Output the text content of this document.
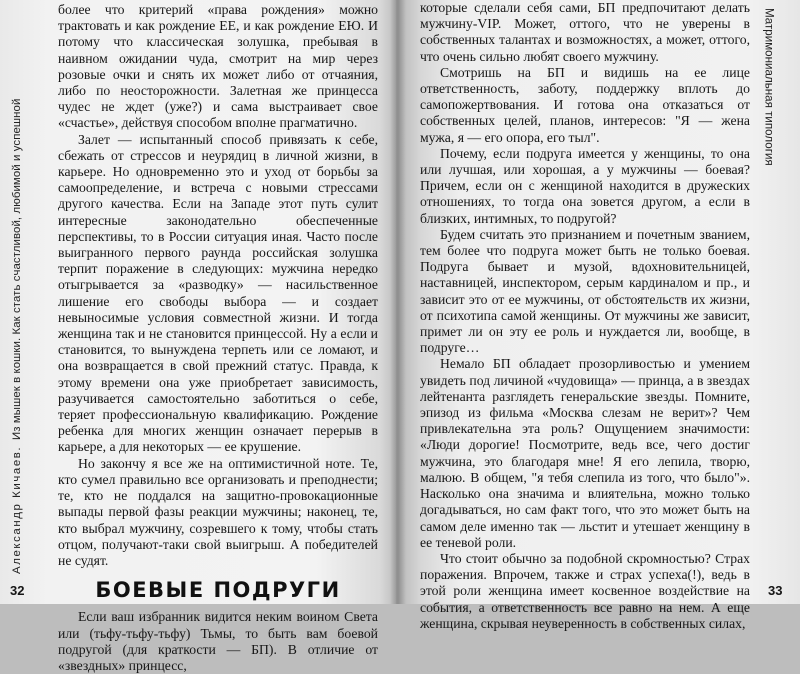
Александр Кичаев.
Из мышек в кошки. Как стать счастливой, любимой и успешной

более что критерий «права рождения» можно трактовать и как рождение ЕЕ, и как рождение ЕЮ. И потому что классическая золушка, пребывая в наивном ожидании чуда, смотрит на мир через розовые очки и снять их может либо от отчаяния, либо по неосторожности. Залетная же принцесса чудес не ждет (уже?) и сама выстраивает свое «счастье», действуя способом вполне прагматично.

Залет — испытанный способ привязать к себе, сбежать от стрессов и неурядиц в личной жизни, в карьере. Но одновременно это и уход от борьбы за самоопределение, и встреча с новыми стрессами другого качества. Если на Западе этот путь сулит интересные законодательно обеспеченные перспективы, то в России ситуация иная. Часто после выигранного первого раунда российская золушка терпит поражение в следующих: мужчина нередко отыгрывается за «разводку» — насильственное лишение его свободы выбора — и создает невыносимые условия совместной жизни. И тогда женщина так и не становится принцессой. Ну а если и становится, то вынуждена терпеть или се ломают, и она возвращается в свой прежний статус. Правда, к этому времени она уже приобретает зависимость, разучивается самостоятельно заботиться о себе, теряет профессиональную квалификацию. Рождение ребенка для многих женщин означает перерыв в карьере, а для некоторых — ее крушение.

Но закончу я все же на оптимистичной ноте. Те, кто сумел правильно все организовать и преподнести; те, кто не поддался на защитно-провокационные выпады первой фазы реакции мужчины; наконец, те, кто выбрал мужчину, созревшего к тому, чтобы стать отцом, получают-таки свой выигрыш. А победителей не судят.

БОЕВЫЕ ПОДРУГИ

Если ваш избранник видится неким воином Света или (тьфу-тьфу-тьфу) Тьмы, то быть вам боевой подругой (для краткости — БП). В отличие от «звездных» принцесс,

32

которые сделали себя сами, БП предпочитают делать мужчину-VIP. Может, оттого, что не уверены в собственных талантах и возможностях, а может, оттого, что очень сильно любят своего мужчину.

Смотришь на БП и видишь на ее лице ответственность, заботу, поддержку вплоть до самопожертвования. И готова она отказаться от собственных целей, планов, интересов: "Я — жена мужа, я — его опора, его тыл".

Почему, если подруга имеется у женщины, то она или лучшая, или хорошая, а у мужчины — боевая? Причем, если он с женщиной находится в дружеских отношениях, то тогда она зовется другом, а если в близких, интимных, то подругой?

Будем считать это признанием и почетным званием, тем более что подруга может быть не только боевая. Подруга бывает и музой, вдохновительницей, наставницей, инспектором, серым кардиналом и пр., и зависит это от ее мужчины, от обстоятельств их жизни, от психотипа самой женщины. От мужчины же зависит, примет ли он эту ее роль и нуждается ли, вообще, в подруге…

Немало БП обладает прозорливостью и умением увидеть под личиной «чудовища» — принца, а в звездах лейтенанта разглядеть генеральские звезды. Помните, эпизод из фильма «Москва слезам не верит»? Чем привлекательна эта роль? Ощущением значимости: «Люди дорогие! Посмотрите, ведь все, чего достиг мужчина, это благодаря мне! Я его лепила, творю, малюю. В общем, "я тебя слепила из того, что было"». Насколько она значима и влиятельна, можно только догадываться, но сам факт того, что это может быть на самом деле именно так — льстит и утешает женщину в ее теневой роли.

Что стоит обычно за подобной скромностью? Страх поражения. Впрочем, также и страх успеха(!), ведь в этой роли женщина имеет косвенное воздействие на события, а ответственность все равно на нем. А еще женщина, скрывая неуверенность в собственных силах,

Матримониальная типология
33
